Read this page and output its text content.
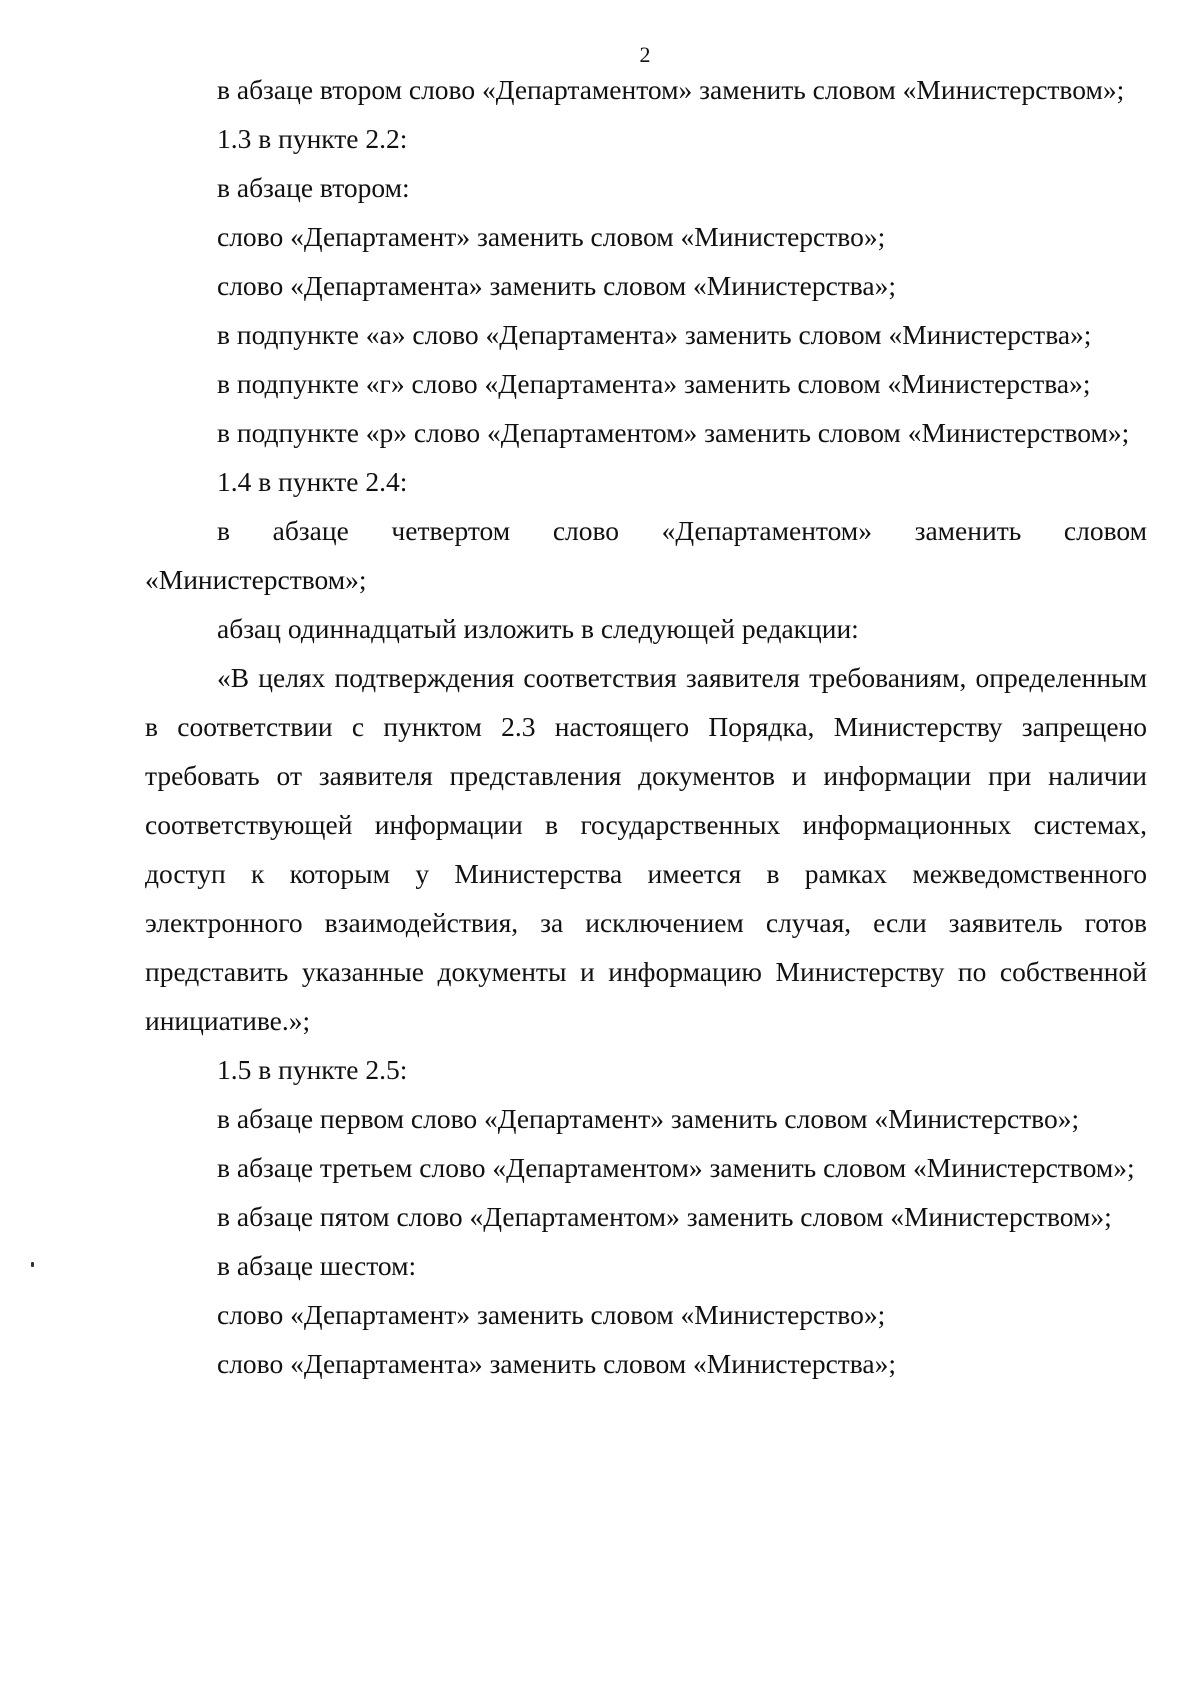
2

в абзаце втором слово «Департаментом» заменить словом «Министерством»;

1.3 в пункте 2.2:

в абзаце втором:

слово «Департамент» заменить словом «Министерство»;

слово «Департамента» заменить словом «Министерства»;

в подпункте «а» слово «Департамента» заменить словом «Министерства»;

в подпункте «г» слово «Департамента» заменить словом «Министерства»;

в подпункте «р» слово «Департаментом» заменить словом «Министерством»;

1.4 в пункте 2.4:

в абзаце четвертом слово «Департаментом» заменить словом «Министерством»;

абзац одиннадцатый изложить в следующей редакции:

«В целях подтверждения соответствия заявителя требованиям, определенным в соответствии с пунктом 2.3 настоящего Порядка, Министерству запрещено требовать от заявителя представления документов и информации при наличии соответствующей информации в государственных информационных системах, доступ к которым у Министерства имеется в рамках межведомственного электронного взаимодействия, за исключением случая, если заявитель готов представить указанные документы и информацию Министерству по собственной инициативе.»;

1.5 в пункте 2.5:

в абзаце первом слово «Департамент» заменить словом «Министерство»;

в абзаце третьем слово «Департаментом» заменить словом «Министерством»;

в абзаце пятом слово «Департаментом» заменить словом «Министерством»;

в абзаце шестом:

слово «Департамент» заменить словом «Министерство»;

слово «Департамента» заменить словом «Министерства»;
